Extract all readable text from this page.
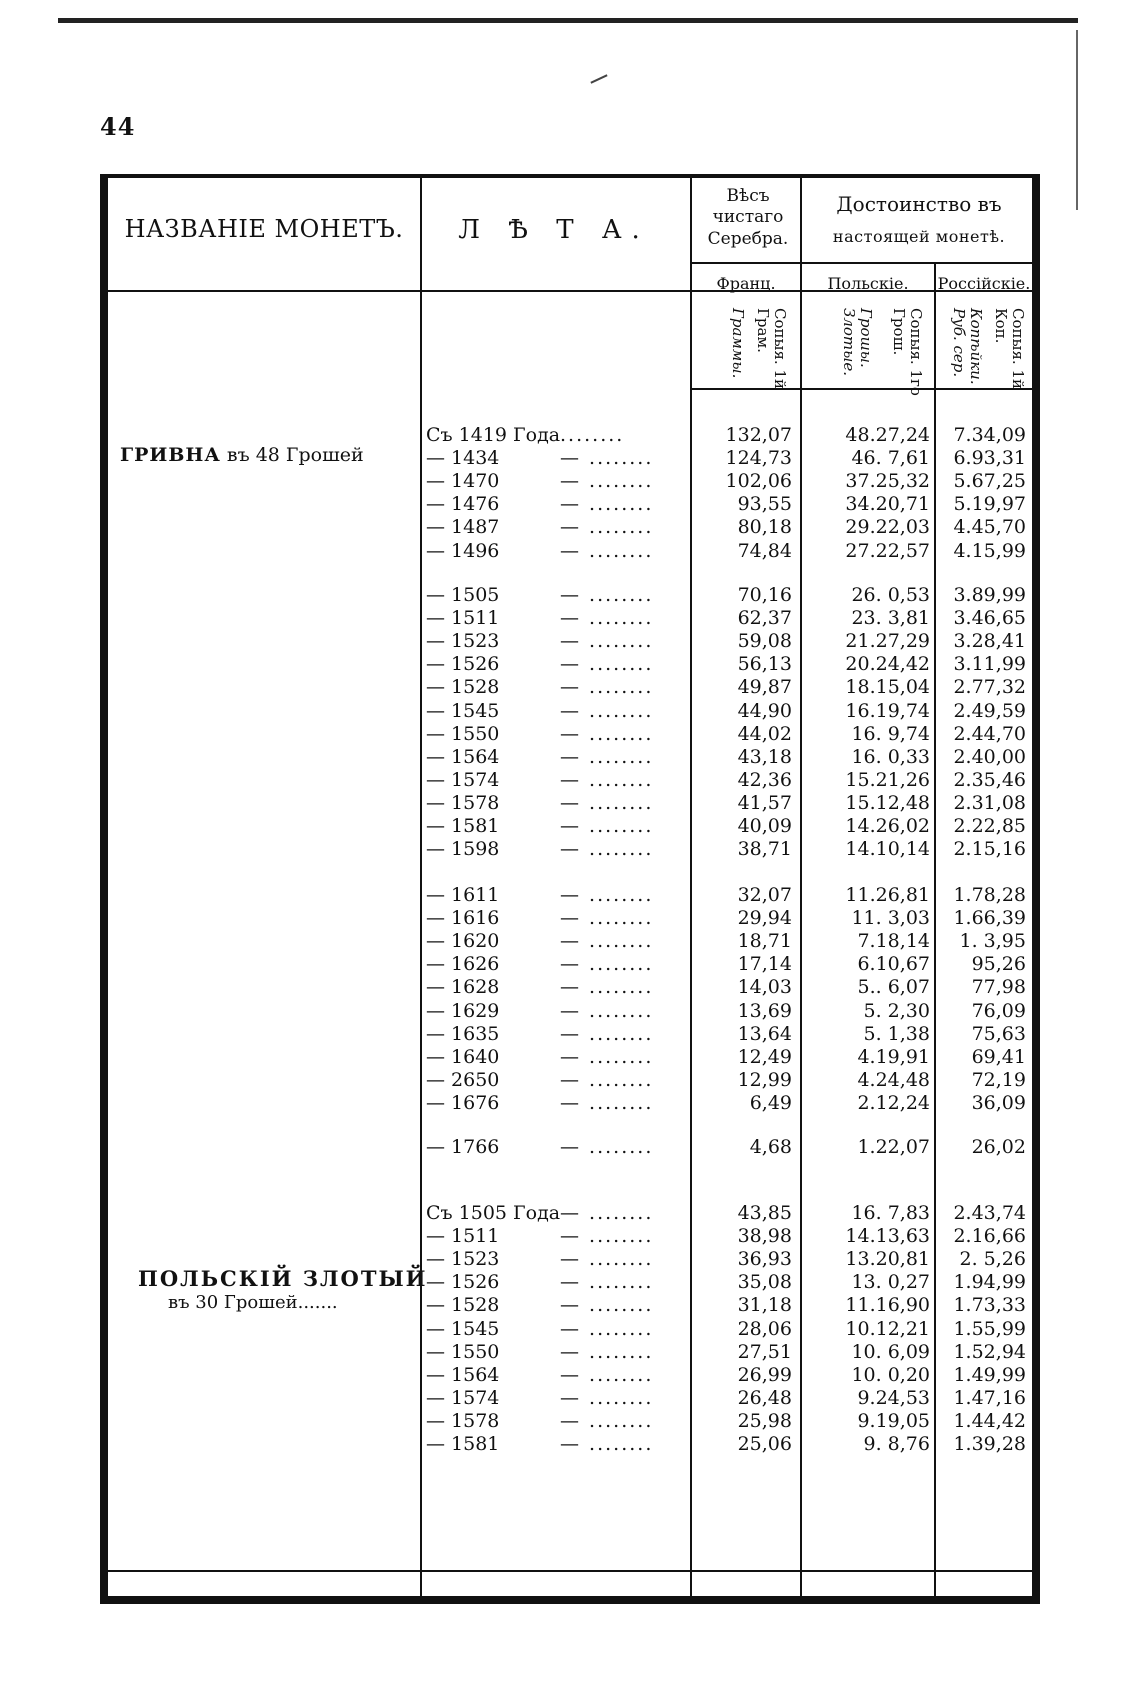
44
НАЗВАНІЕ МОНЕТЪ.	Л Ѣ Т А.
Вѣсъ чистаго Серебра.
Достоинство въ
настоящей монетѣ.
Франц.	Польскіе.	Россійскіе.
Граммы.	Сопыя. 1й Грам.	Грошы. Злотые.	Сопыя. 1го Грош.	Копѣйки. Руб. сер.	Сопыя. 1й Коп.
ГРИВНА въ 48 Грошей
ПОЛЬСКІЙ ЗЛОТЫЙ
въ 30 Грошей.......
Съ 1419 Года ........	132,07	48.27,24	7.34,09
— 1434	— ........	124,73	46. 7,61	6.93,31
— 1470	— ........	102,06	37.25,32	5.67,25
— 1476	— ........	93,55	34.20,71	5.19,97
— 1487	— ........	80,18	29.22,03	4.45,70
— 1496	— ........	74,84	27.22,57	4.15,99
— 1505	— ........	70,16	26. 0,53	3.89,99
— 1511	— ........	62,37	23. 3,81	3.46,65
— 1523	— ........	59,08	21.27,29	3.28,41
— 1526	— ........	56,13	20.24,42	3.11,99
— 1528	— ........	49,87	18.15,04	2.77,32
— 1545	— ........	44,90	16.19,74	2.49,59
— 1550	— ........	44,02	16. 9,74	2.44,70
— 1564	— ........	43,18	16. 0,33	2.40,00
— 1574	— ........	42,36	15.21,26	2.35,46
— 1578	— ........	41,57	15.12,48	2.31,08
— 1581	— ........	40,09	14.26,02	2.22,85
— 1598	— ........	38,71	14.10,14	2.15,16
— 1611	— ........	32,07	11.26,81	1.78,28
— 1616	— ........	29,94	11. 3,03	1.66,39
— 1620	— ........	18,71	7.18,14	1. 3,95
— 1626	— ........	17,14	6.10,67	95,26
— 1628	— ........	14,03	5.. 6,07	77,98
— 1629	— ........	13,69	5. 2,30	76,09
— 1635	— ........	13,64	5. 1,38	75,63
— 1640	— ........	12,49	4.19,91	69,41
— 2650	— ........	12,99	4.24,48	72,19
— 1676	— ........	6,49	2.12,24	36,09
— 1766	— ........	4,68	1.22,07	26,02
Съ 1505 Года — ........	43,85	16. 7,83	2.43,74
— 1511	— ........	38,98	14.13,63	2.16,66
— 1523	— ........	36,93	13.20,81	2. 5,26
— 1526	— ........	35,08	13. 0,27	1.94,99
— 1528	— ........	31,18	11.16,90	1.73,33
— 1545	— ........	28,06	10.12,21	1.55,99
— 1550	— ........	27,51	10. 6,09	1.52,94
— 1564	— ........	26,99	10. 0,20	1.49,99
— 1574	— ........	26,48	9.24,53	1.47,16
— 1578	— ........	25,98	9.19,05	1.44,42
— 1581	— ........	25,06	9. 8,76	1.39,28
